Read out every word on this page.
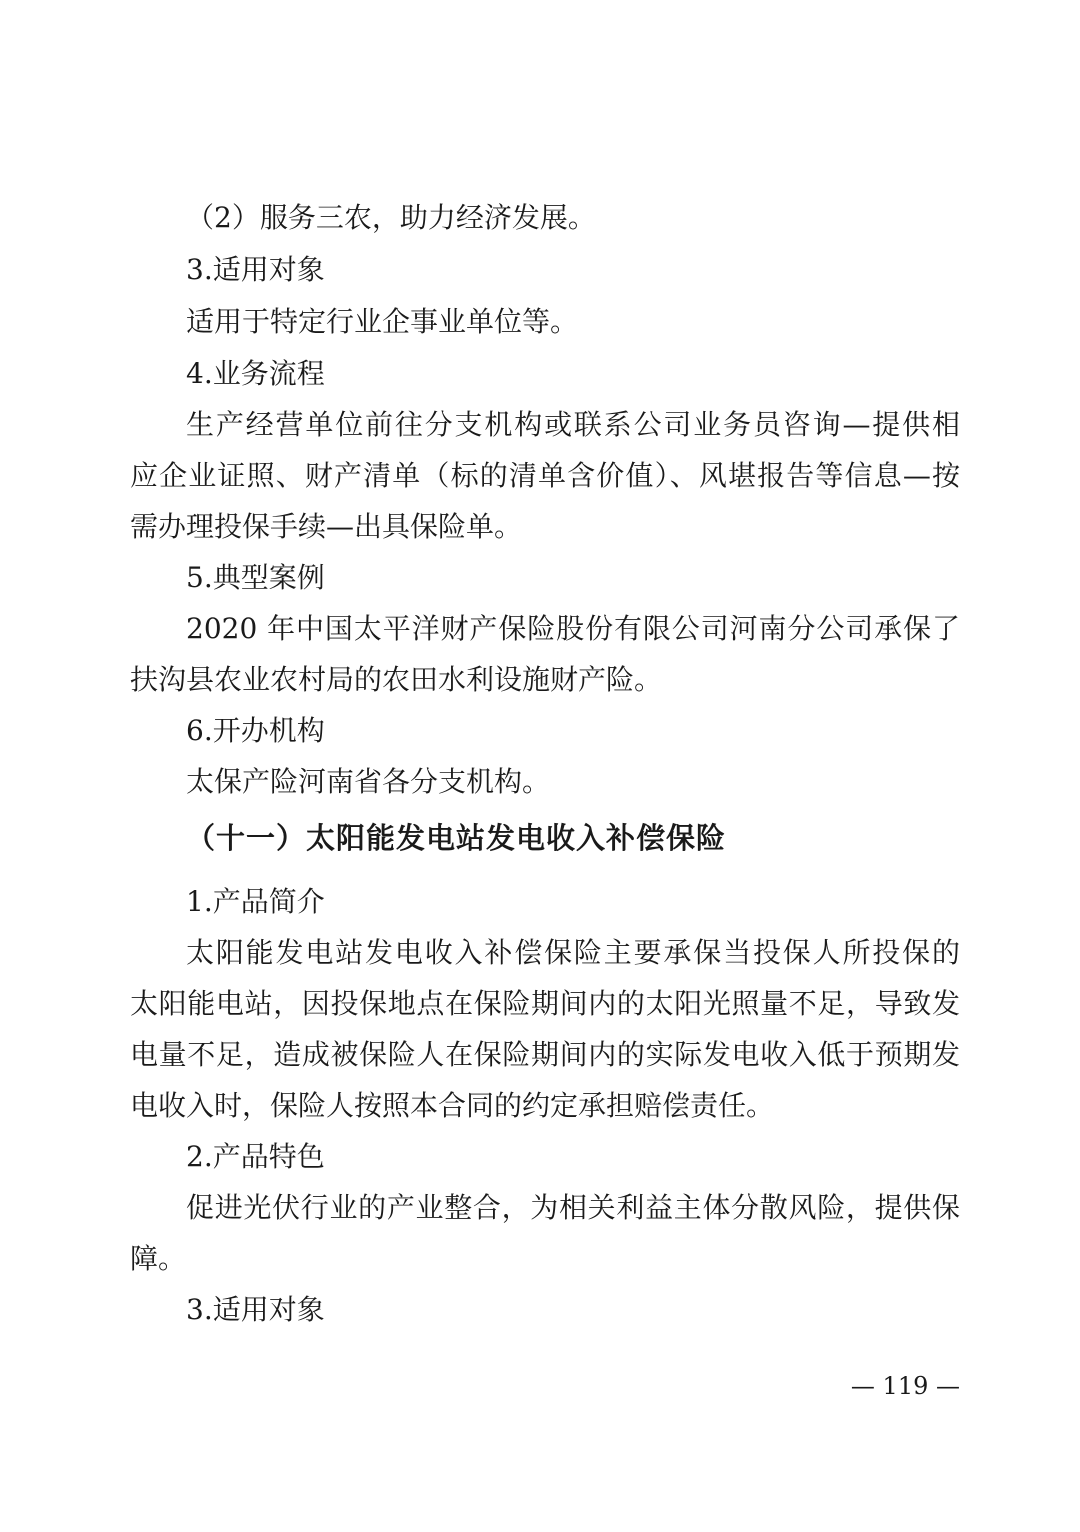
（2）服务三农，助力经济发展。
3.适用对象
适用于特定行业企事业单位等。
4.业务流程
生产经营单位前往分支机构或联系公司业务员咨询—提供相
应企业证照、财产清单（标的清单含价值）、风堪报告等信息—按
需办理投保手续—出具保险单。
5.典型案例
2020 年中国太平洋财产保险股份有限公司河南分公司承保了
扶沟县农业农村局的农田水利设施财产险。
6.开办机构
太保产险河南省各分支机构。
（十一）太阳能发电站发电收入补偿保险
1.产品简介
太阳能发电站发电收入补偿保险主要承保当投保人所投保的
太阳能电站，因投保地点在保险期间内的太阳光照量不足，导致发
电量不足，造成被保险人在保险期间内的实际发电收入低于预期发
电收入时，保险人按照本合同的约定承担赔偿责任。
2.产品特色
促进光伏行业的产业整合，为相关利益主体分散风险，提供保
障。
3.适用对象
— 119 —
